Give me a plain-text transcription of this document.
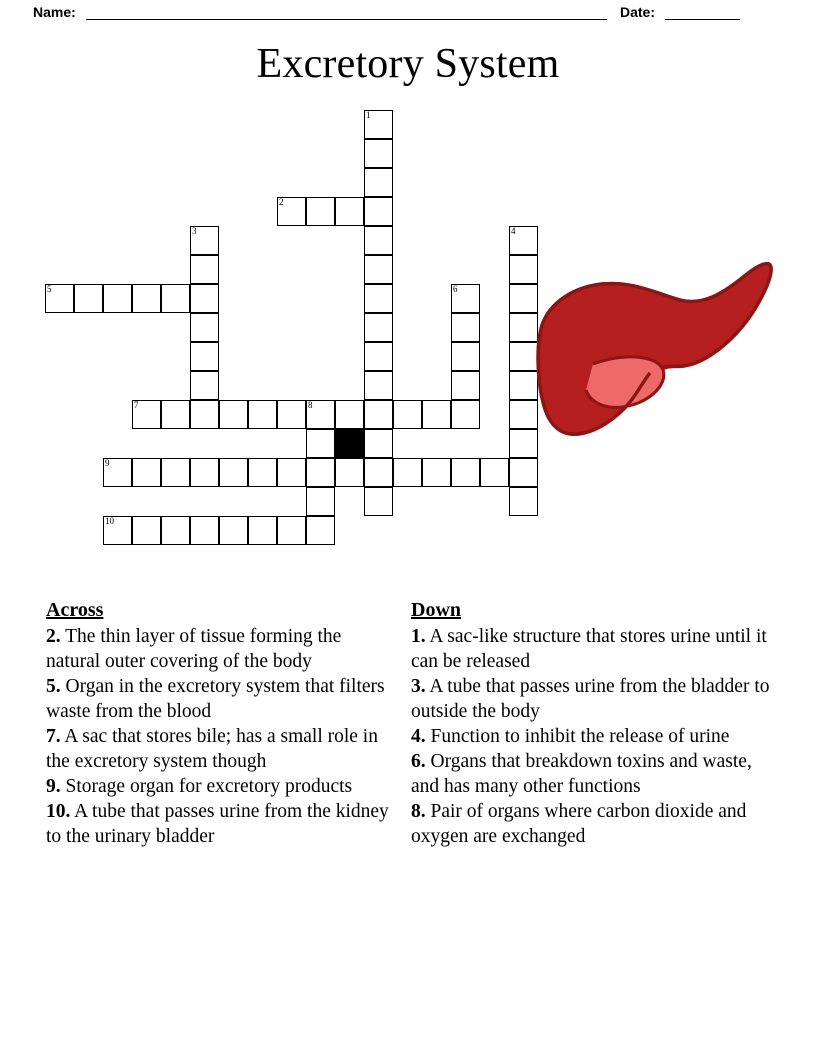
Name:	Date:
Excretory System
1
2
3	4
5	6
7	8
9
10
Across

2. The thin layer of tissue forming the natural outer covering of the body

5. Organ in the excretory system that filters waste from the blood

7. A sac that stores bile; has a small role in the excretory system though

9. Storage organ for excretory products

10. A tube that passes urine from the kidney to the urinary bladder

Down

1. A sac-like structure that stores urine until it can be released

3. A tube that passes urine from the bladder to outside the body

4. Function to inhibit the release of urine

6. Organs that breakdown toxins and waste, and has many other functions

8. Pair of organs where carbon dioxide and oxygen are exchanged
